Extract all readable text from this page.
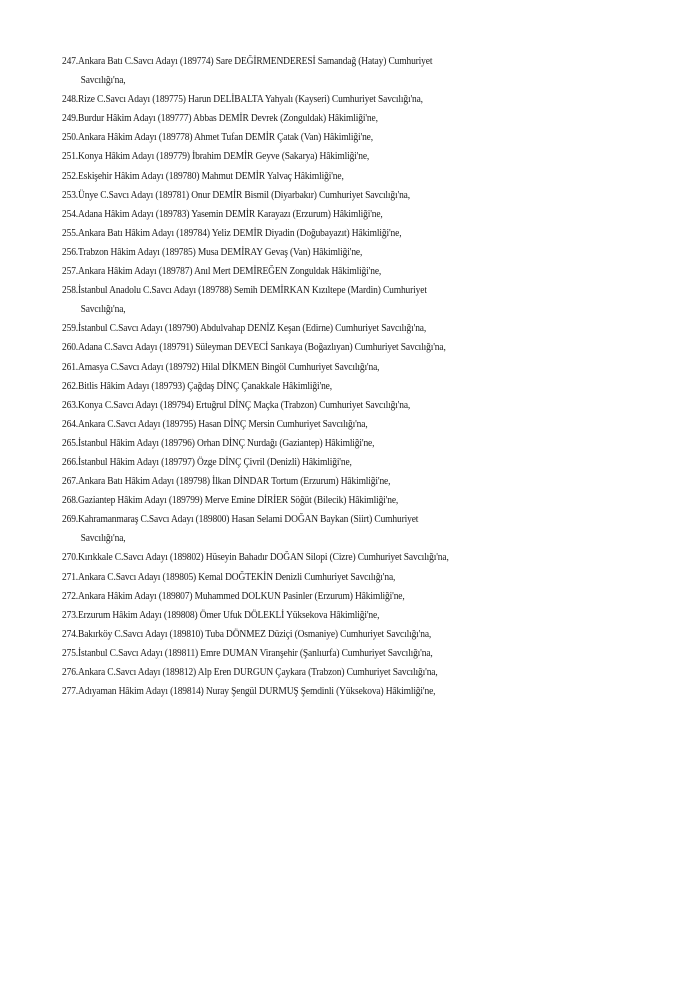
247.Ankara Batı C.Savcı Adayı (189774) Sare DEĞİRMENDERESİ Samandağ (Hatay) Cumhuriyet
Savcılığı'na,
248.Rize C.Savcı Adayı (189775) Harun DELİBALTA Yahyalı (Kayseri) Cumhuriyet Savcılığı'na,
249.Burdur Hâkim Adayı (189777) Abbas DEMİR Devrek (Zonguldak) Hâkimliği'ne,
250.Ankara Hâkim Adayı (189778) Ahmet Tufan DEMİR Çatak (Van) Hâkimliği'ne,
251.Konya Hâkim Adayı (189779) İbrahim DEMİR Geyve (Sakarya) Hâkimliği'ne,
252.Eskişehir Hâkim Adayı (189780) Mahmut DEMİR Yalvaç Hâkimliği'ne,
253.Ünye C.Savcı Adayı (189781) Onur DEMİR Bismil (Diyarbakır) Cumhuriyet Savcılığı'na,
254.Adana Hâkim Adayı (189783) Yasemin DEMİR Karayazı (Erzurum) Hâkimliği'ne,
255.Ankara Batı Hâkim Adayı (189784) Yeliz DEMİR Diyadin (Doğubayazıt) Hâkimliği'ne,
256.Trabzon Hâkim Adayı (189785) Musa DEMİRAY Gevaş (Van) Hâkimliği'ne,
257.Ankara Hâkim Adayı (189787) Anıl Mert DEMİREĞEN Zonguldak Hâkimliği'ne,
258.İstanbul Anadolu C.Savcı Adayı (189788) Semih DEMİRKAN Kızıltepe (Mardin) Cumhuriyet
Savcılığı'na,
259.İstanbul C.Savcı Adayı (189790) Abdulvahap DENİZ Keşan (Edirne) Cumhuriyet Savcılığı'na,
260.Adana C.Savcı Adayı (189791) Süleyman DEVECİ Sarıkaya (Boğazlıyan) Cumhuriyet Savcılığı'na,
261.Amasya C.Savcı Adayı (189792) Hilal DİKMEN Bingöl Cumhuriyet Savcılığı'na,
262.Bitlis Hâkim Adayı (189793) Çağdaş DİNÇ Çanakkale Hâkimliği'ne,
263.Konya C.Savcı Adayı (189794) Ertuğrul DİNÇ Maçka (Trabzon) Cumhuriyet Savcılığı'na,
264.Ankara C.Savcı Adayı (189795) Hasan DİNÇ Mersin Cumhuriyet Savcılığı'na,
265.İstanbul Hâkim Adayı (189796) Orhan DİNÇ Nurdağı (Gaziantep) Hâkimliği'ne,
266.İstanbul Hâkim Adayı (189797) Özge DİNÇ Çivril (Denizli) Hâkimliği'ne,
267.Ankara Batı Hâkim Adayı (189798) İlkan DİNDAR Tortum (Erzurum) Hâkimliği'ne,
268.Gaziantep Hâkim Adayı (189799) Merve Emine DİRİER Söğüt (Bilecik) Hâkimliği'ne,
269.Kahramanmaraş C.Savcı Adayı (189800) Hasan Selami DOĞAN Baykan (Siirt) Cumhuriyet
Savcılığı'na,
270.Kırıkkale C.Savcı Adayı (189802) Hüseyin Bahadır DOĞAN Silopi (Cizre) Cumhuriyet Savcılığı'na,
271.Ankara C.Savcı Adayı (189805) Kemal DOĞTEKİN Denizli Cumhuriyet Savcılığı'na,
272.Ankara Hâkim Adayı (189807) Muhammed DOLKUN Pasinler (Erzurum) Hâkimliği'ne,
273.Erzurum Hâkim Adayı (189808) Ömer Ufuk DÖLEKLİ Yüksekova Hâkimliği'ne,
274.Bakırköy C.Savcı Adayı (189810) Tuba DÖNMEZ Düziçi (Osmaniye) Cumhuriyet Savcılığı'na,
275.İstanbul C.Savcı Adayı (189811) Emre DUMAN Viranşehir (Şanlıurfa) Cumhuriyet Savcılığı'na,
276.Ankara C.Savcı Adayı (189812) Alp Eren DURGUN Çaykara (Trabzon) Cumhuriyet Savcılığı'na,
277.Adıyaman Hâkim Adayı (189814) Nuray Şengül DURMUŞ Şemdinli (Yüksekova) Hâkimliği'ne,
